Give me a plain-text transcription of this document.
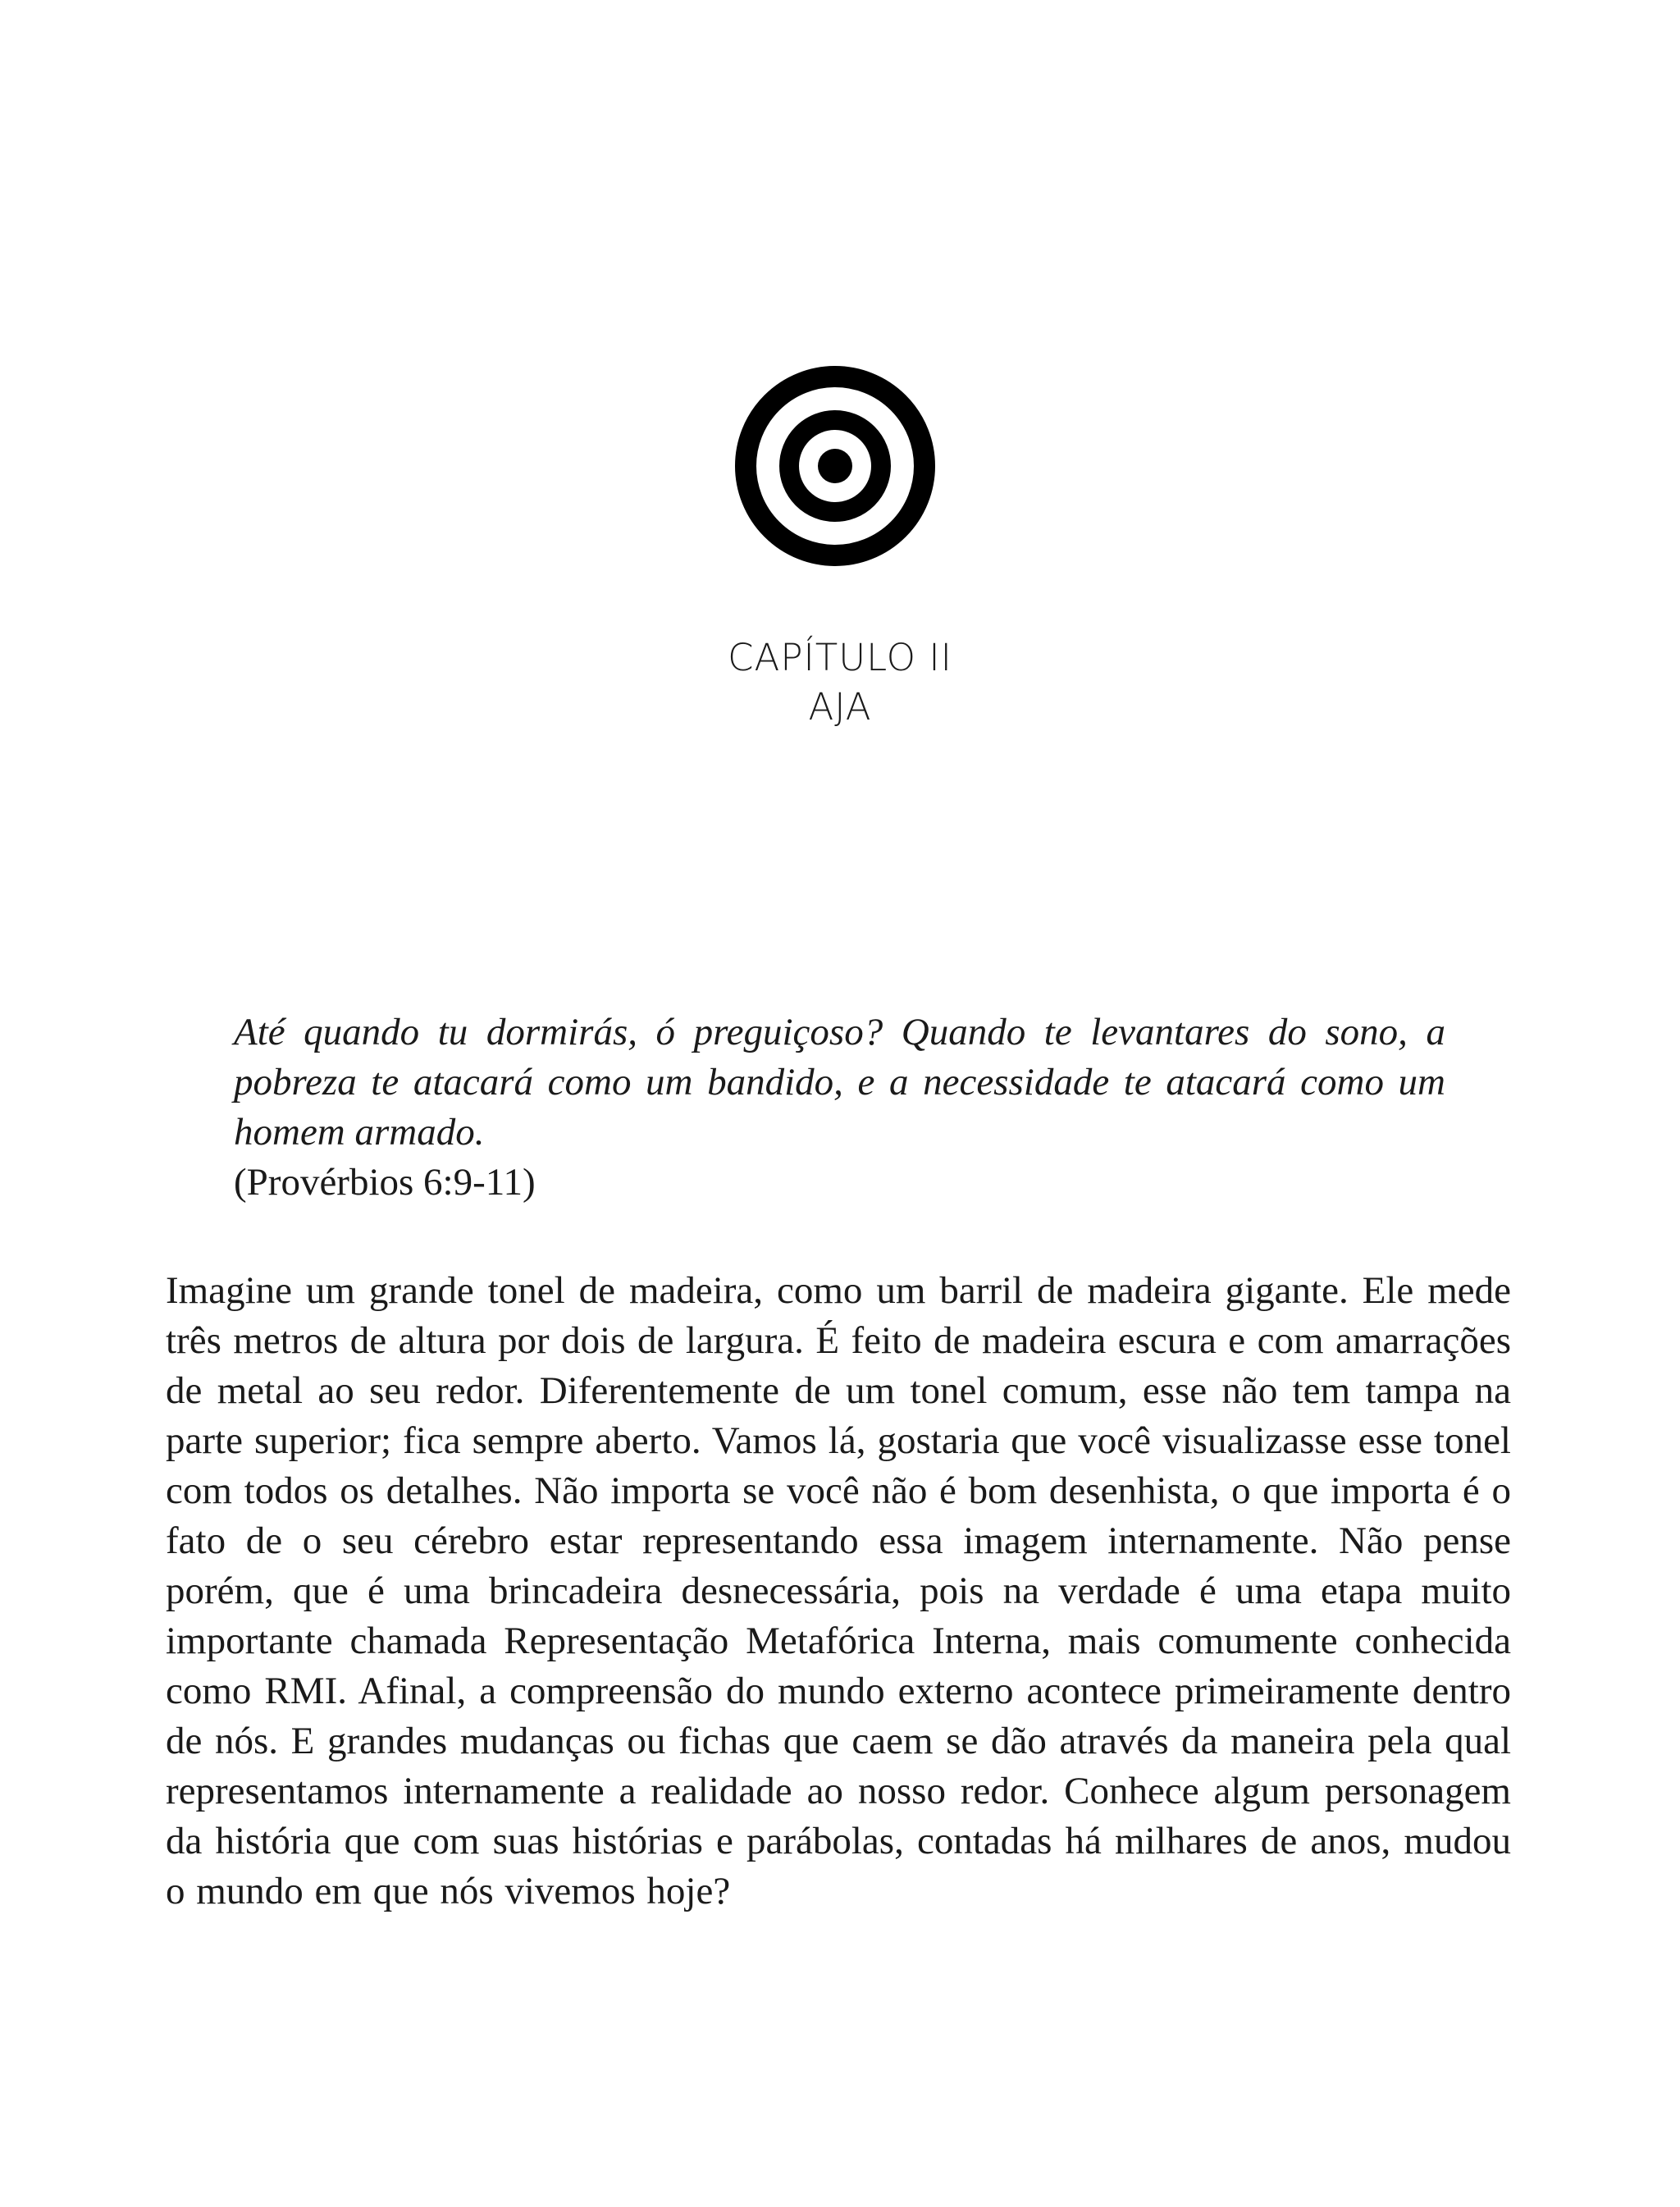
CAPÍTULO II
AJA

Até quando tu dormirás, ó preguiçoso? Quando te levantares do sono, a pobreza te atacará como um bandido, e a necessidade te atacará como um homem armado.

(Provérbios 6:9-11)

Imagine um grande tonel de madeira, como um barril de madeira gigante. Ele mede três metros de altura por dois de largura. É feito de madeira escura e com amarrações de metal ao seu redor. Diferentemente de um tonel comum, esse não tem tampa na parte superior; fica sempre aberto. Vamos lá, gostaria que você visualizasse esse tonel com todos os detalhes. Não importa se você não é bom desenhista, o que importa é o fato de o seu cérebro estar representando essa imagem internamente. Não pense porém, que é uma brincadeira desnecessária, pois na verdade é uma etapa muito importante chamada Representação Metafórica Interna, mais comumente conhecida como RMI. Afinal, a compreensão do mundo externo acontece primeiramente dentro de nós. E grandes mudanças ou fichas que caem se dão através da maneira pela qual representamos internamente a realidade ao nosso redor. Conhece algum personagem da história que com suas histórias e parábolas, contadas há milhares de anos, mudou o mundo em que nós vivemos hoje?
